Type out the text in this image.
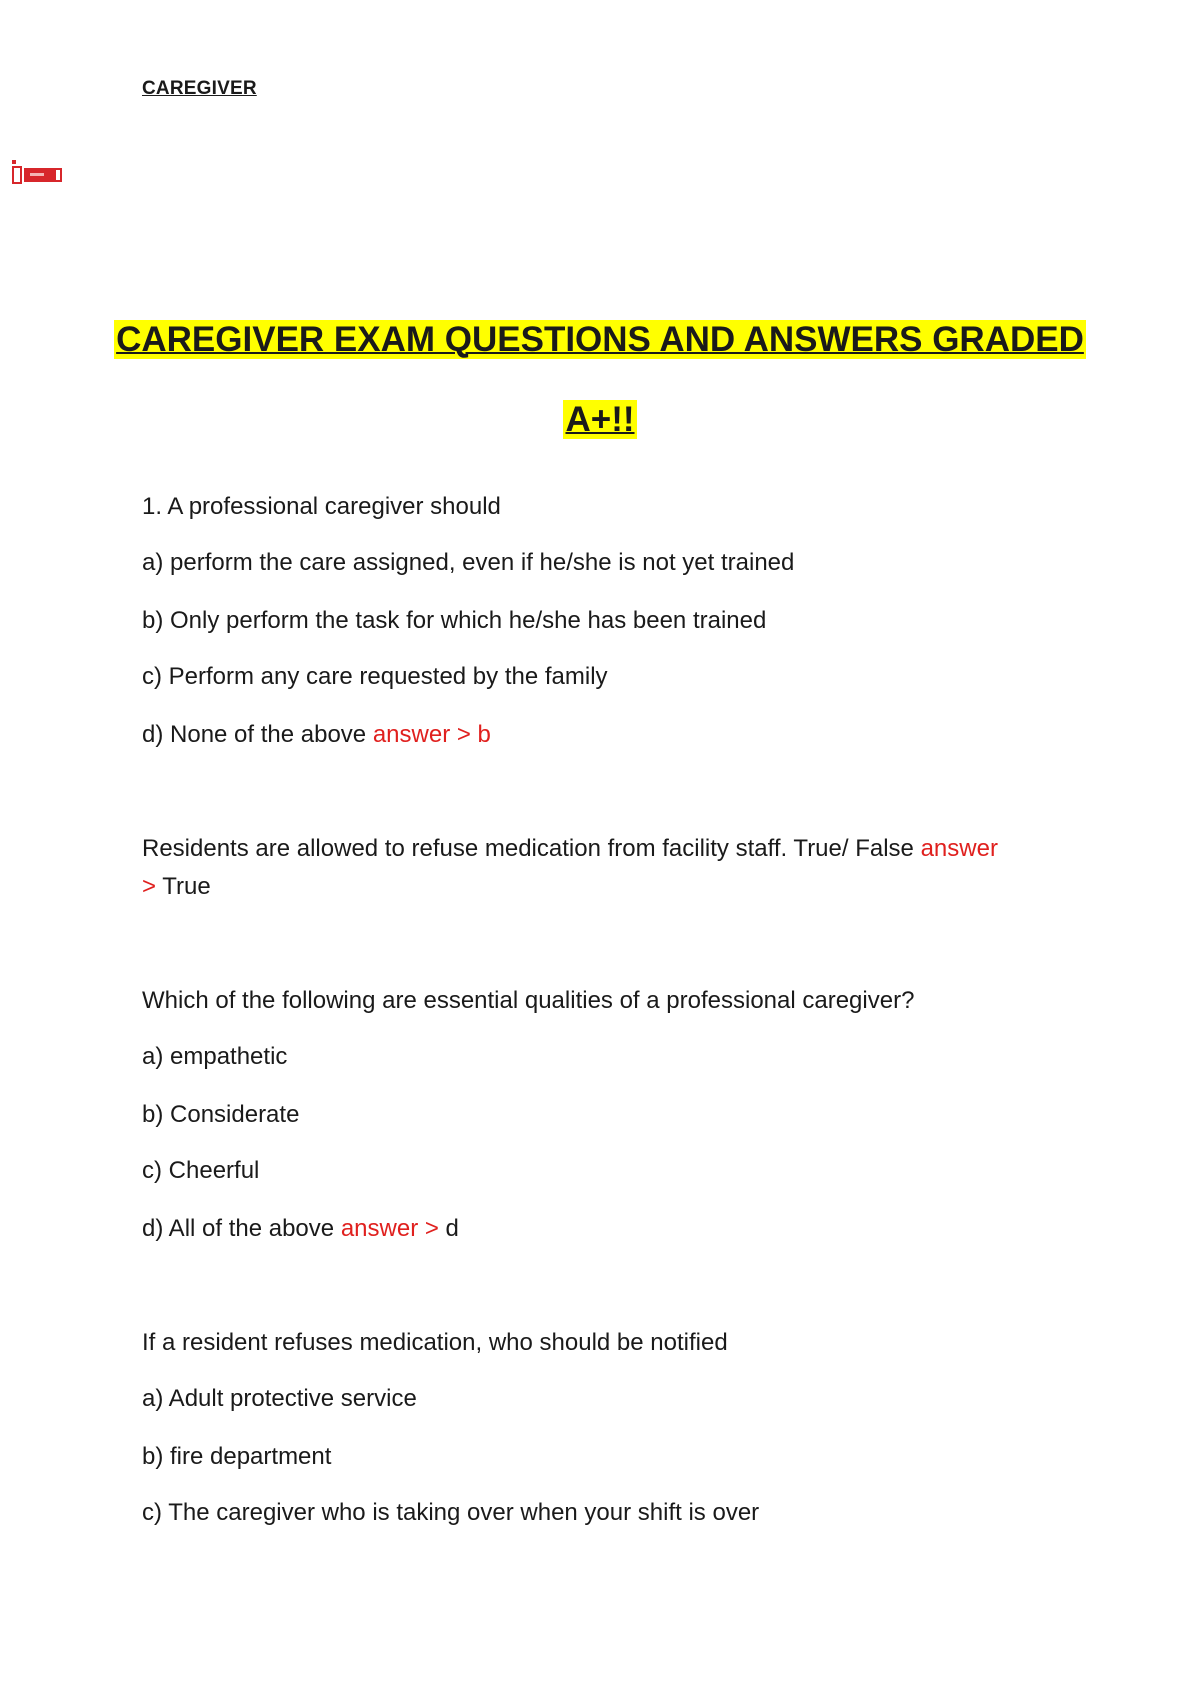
CAREGIVER
CAREGIVER EXAM QUESTIONS AND ANSWERS GRADED
A+!!
1. A professional caregiver should
a) perform the care assigned, even if he/she is not yet trained
b) Only perform the task for which he/she has been trained
c) Perform any care requested by the family
d) None of the above answer > b
Residents are allowed to refuse medication from facility staff. True/ False answer
> True
Which of the following are essential qualities of a professional caregiver?
a) empathetic
b) Considerate
c) Cheerful
d) All of the above answer > d
If a resident refuses medication, who should be notified
a) Adult protective service
b) fire department
c) The caregiver who is taking over when your shift is over
